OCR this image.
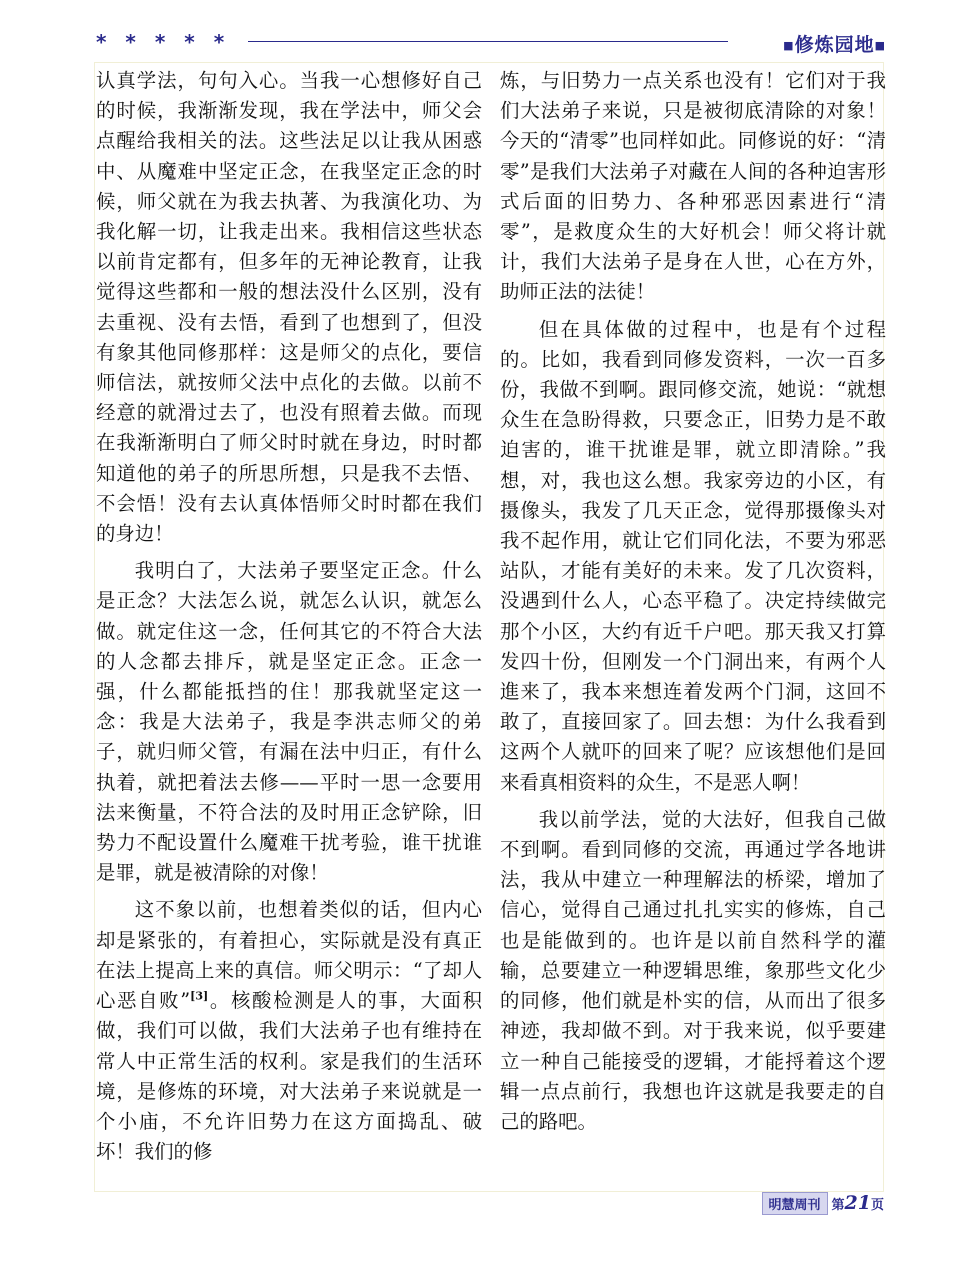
* * * * *	■修炼园地■

认真学法，句句入心。当我一心想修好自己的时候，我渐渐发现，我在学法中，师父会点醒给我相关的法。这些法足以让我从困惑中、从魔难中坚定正念，在我坚定正念的时候，师父就在为我去执著、为我演化功、为我化解一切，让我走出来。我相信这些状态以前肯定都有，但多年的无神论教育，让我觉得这些都和一般的想法没什么区别，没有去重视、没有去悟，看到了也想到了，但没有象其他同修那样：这是师父的点化，要信师信法，就按师父法中点化的去做。以前不经意的就滑过去了，也没有照着去做。而现在我渐渐明白了师父时时就在身边，时时都知道他的弟子的所思所想，只是我不去悟、不会悟！没有去认真体悟师父时时都在我们的身边！

我明白了，大法弟子要坚定正念。什么是正念？大法怎么说，就怎么认识，就怎么做。就定住这一念，任何其它的不符合大法的人念都去排斥，就是坚定正念。正念一强，什么都能抵挡的住！那我就坚定这一念：我是大法弟子，我是李洪志师父的弟子，就归师父管，有漏在法中归正，有什么执着，就把着法去修——平时一思一念要用法来衡量，不符合法的及时用正念铲除，旧势力不配设置什么魔难干扰考验，谁干扰谁是罪，就是被清除的对像！

这不象以前，也想着类似的话，但内心却是紧张的，有着担心，实际就是没有真正在法上提高上来的真信。师父明示：“了却人心恶自败”[3]。核酸检测是人的事，大面积做，我们可以做，我们大法弟子也有维持在常人中正常生活的权利。家是我们的生活环境，是修炼的环境，对大法弟子来说就是一个小庙，不允许旧势力在这方面捣乱、破坏！我们的修

炼，与旧势力一点关系也没有！它们对于我们大法弟子来说，只是被彻底清除的对象！今天的“清零”也同样如此。同修说的好：“清零”是我们大法弟子对藏在人间的各种迫害形式后面的旧势力、各种邪恶因素进行“清零”，是救度众生的大好机会！师父将计就计，我们大法弟子是身在人世，心在方外，助师正法的法徒！

但在具体做的过程中，也是有个过程的。比如，我看到同修发资料，一次一百多份，我做不到啊。跟同修交流，她说：“就想众生在急盼得救，只要念正，旧势力是不敢迫害的，谁干扰谁是罪，就立即清除。”我想，对，我也这么想。我家旁边的小区，有摄像头，我发了几天正念，觉得那摄像头对我不起作用，就让它们同化法，不要为邪恶站队，才能有美好的未来。发了几次资料，没遇到什么人，心态平稳了。决定持续做完那个小区，大约有近千户吧。那天我又打算发四十份，但刚发一个门洞出来，有两个人進来了，我本来想连着发两个门洞，这回不敢了，直接回家了。回去想：为什么我看到这两个人就吓的回来了呢？应该想他们是回来看真相资料的众生，不是恶人啊！

我以前学法，觉的大法好，但我自己做不到啊。看到同修的交流，再通过学各地讲法，我从中建立一种理解法的桥梁，增加了信心，觉得自己通过扎扎实实的修炼，自己也是能做到的。也许是以前自然科学的灌输，总要建立一种逻辑思维，象那些文化少的同修，他们就是朴实的信，从而出了很多神迹，我却做不到。对于我来说，似乎要建立一种自己能接受的逻辑，才能捋着这个逻辑一点点前行，我想也许这就是我要走的自己的路吧。

明慧周刊 第21页
